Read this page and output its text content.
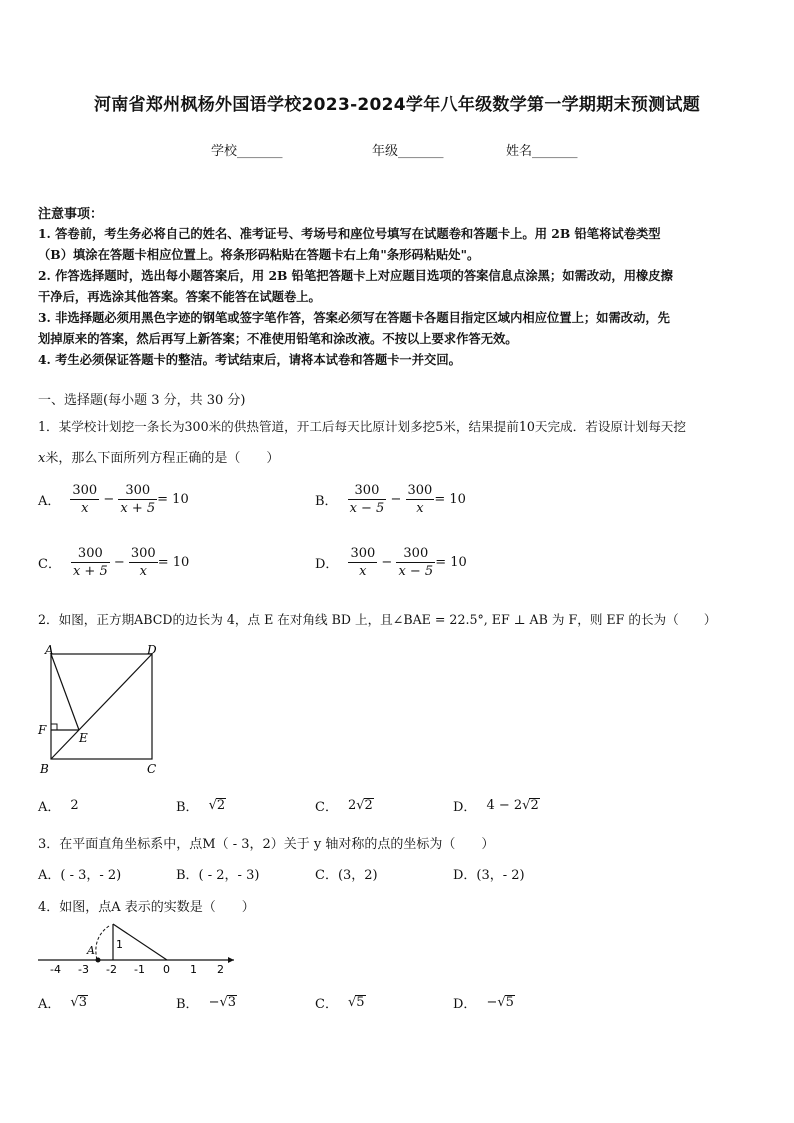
河南省郑州枫杨外国语学校2023-2024学年八年级数学第一学期期末预测试题
学校_______	年级_______	姓名_______
注意事项：
1. 答卷前，考生务必将自己的姓名、准考证号、考场号和座位号填写在试题卷和答题卡上。用 2B 铅笔将试卷类型
（B）填涂在答题卡相应位置上。将条形码粘贴在答题卡右上角"条形码粘贴处"。
2. 作答选择题时，选出每小题答案后，用 2B 铅笔把答题卡上对应题目选项的答案信息点涂黑；如需改动，用橡皮擦
干净后，再选涂其他答案。答案不能答在试题卷上。
3. 非选择题必须用黑色字迹的钢笔或签字笔作答，答案必须写在答题卡各题目指定区域内相应位置上；如需改动，先
划掉原来的答案，然后再写上新答案；不准使用铅笔和涂改液。不按以上要求作答无效。
4. 考生必须保证答题卡的整洁。考试结束后，请将本试卷和答题卡一并交回。
一、选择题(每小题 3 分，共 30 分)
1．某学校计划挖一条长为300米的供热管道，开工后每天比原计划多挖5米，结果提前10天完成．若设原计划每天挖
x米，那么下面所列方程正确的是（　　）
A． $\frac{300}{x} - \frac{300}{x + 5} = 10$	B． $\frac{300}{x - 5} - \frac{300}{x} = 10$
C． $\frac{300}{x + 5} - \frac{300}{x} = 10$	D． $\frac{300}{x} - \frac{300}{x - 5} = 10$
2．如图，正方期ABCD的边长为 4，点 E 在对角线 BD 上，且∠BAE = 22.5°, EF ⊥ AB 为 F，则 EF 的长为（　　）
A	D
F
E
B	C
A． 2	B． √ 2	C． 2 √ 2	D． 4 − 2 √ 2
3．在平面直角坐标系中，点M（ - 3，2）关于 y 轴对称的点的坐标为（　　）
A．( - 3，- 2)	B．( - 2，- 3)	C．(3，2)	D．(3，- 2)
4．如图，点A 表示的实数是（　　）
A 1
-4 -3 -2 -1 0 1 2
A． √ 3	B． − √ 3	C． √ 5	D． − √ 5
